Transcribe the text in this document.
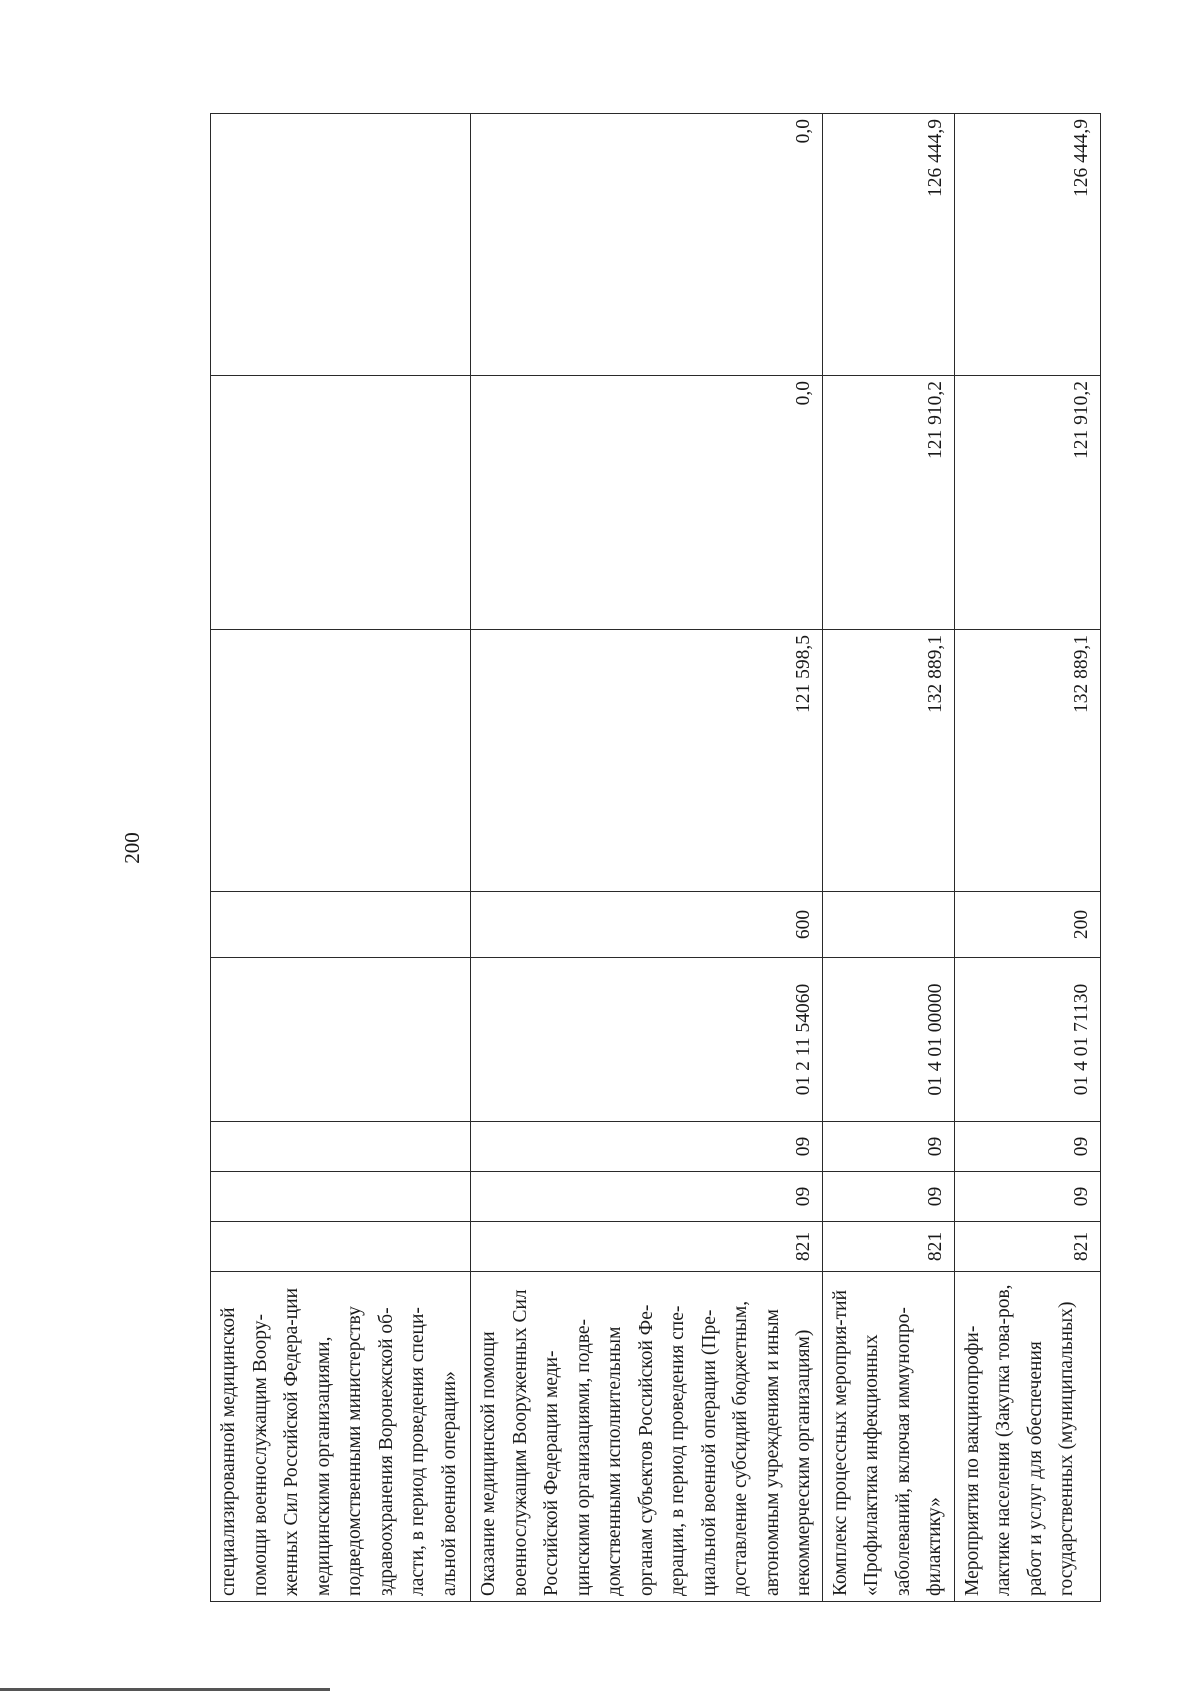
200
специализированной медицинской помощи военнослужащим Воору-женных Сил Российской Федера-ции медицинскими организациями, подведомственными министерству здравоохранения Воронежской об-ласти, в период проведения специ-альной военной операции»								
Оказание медицинской помощи военнослужащим Вооруженных Сил Российской Федерации меди-цинскими организациями, подве-домственными исполнительным органам субъектов Российской Фе-дерации, в период проведения спе-циальной военной операции (Пре-доставление субсидий бюджетным, автономным учреждениям и иным некоммерческим организациям)	821	09	09	01 2 11 54060	600	121 598,5	0,0	0,0
Комплекс процессных мероприя-тий «Профилактика инфекционных заболеваний, включая иммунопро-филактику»	821	09	09	01 4 01 00000		132 889,1	121 910,2	126 444,9
Мероприятия по вакцинопрофи-лактике населения (Закупка това-ров, работ и услуг для обеспечения государственных (муниципальных)	821	09	09	01 4 01 71130	200	132 889,1	121 910,2	126 444,9
